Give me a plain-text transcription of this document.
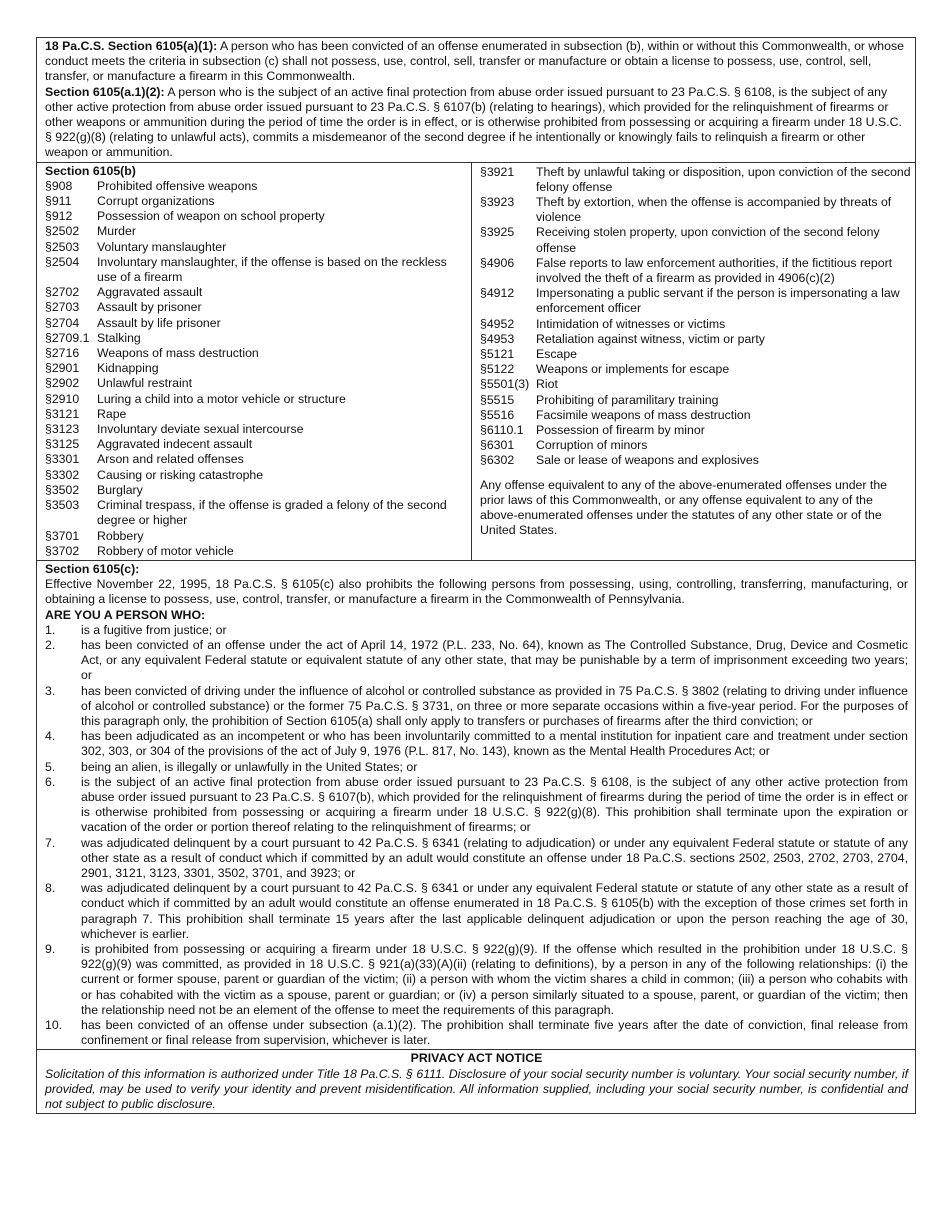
18 Pa.C.S. Section 6105(a)(1): A person who has been convicted of an offense enumerated in subsection (b), within or without this Commonwealth, or whose conduct meets the criteria in subsection (c) shall not possess, use, control, sell, transfer or manufacture or obtain a license to possess, use, control, sell, transfer, or manufacture a firearm in this Commonwealth.
Section 6105(a.1)(2): A person who is the subject of an active final protection from abuse order issued pursuant to 23 Pa.C.S. § 6108, is the subject of any other active protection from abuse order issued pursuant to 23 Pa.C.S. § 6107(b) (relating to hearings), which provided for the relinquishment of firearms or other weapons or ammunition during the period of time the order is in effect, or is otherwise prohibited from possessing or acquiring a firearm under 18 U.S.C. § 922(g)(8) (relating to unlawful acts), commits a misdemeanor of the second degree if he intentionally or knowingly fails to relinquish a firearm or other weapon or ammunition.
Section 6105(b)
§908	Prohibited offensive weapons
§911	Corrupt organizations
§912	Possession of weapon on school property
§2502	Murder
§2503	Voluntary manslaughter
§2504	Involuntary manslaughter, if the offense is based on the reckless use of a firearm
§2702	Aggravated assault
§2703	Assault by prisoner
§2704	Assault by life prisoner
§2709.1 Stalking
§2716	Weapons of mass destruction
§2901	Kidnapping
§2902	Unlawful restraint
§2910	Luring a child into a motor vehicle or structure
§3121	Rape
§3123	Involuntary deviate sexual intercourse
§3125	Aggravated indecent assault
§3301	Arson and related offenses
§3302	Causing or risking catastrophe
§3502	Burglary
§3503	Criminal trespass, if the offense is graded a felony of the second degree or higher
§3701	Robbery
§3702	Robbery of motor vehicle
§3921	Theft by unlawful taking or disposition, upon conviction of the second felony offense
§3923	Theft by extortion, when the offense is accompanied by threats of violence
§3925	Receiving stolen property, upon conviction of the second felony offense
§4906	False reports to law enforcement authorities, if the fictitious report involved the theft of a firearm as provided in 4906(c)(2)
§4912	Impersonating a public servant if the person is impersonating a law enforcement officer
§4952	Intimidation of witnesses or victims
§4953	Retaliation against witness, victim or party
§5121	Escape
§5122	Weapons or implements for escape
§5501(3) Riot
§5515	Prohibiting of paramilitary training
§5516	Facsimile weapons of mass destruction
§6110.1	Possession of firearm by minor
§6301	Corruption of minors
§6302	Sale or lease of weapons and explosives
Any offense equivalent to any of the above-enumerated offenses under the prior laws of this Commonwealth, or any offense equivalent to any of the above-enumerated offenses under the statutes of any other state or of the United States.
Section 6105(c):
Effective November 22, 1995, 18 Pa.C.S. § 6105(c) also prohibits the following persons from possessing, using, controlling, transferring, manufacturing, or obtaining a license to possess, use, control, transfer, or manufacture a firearm in the Commonwealth of Pennsylvania.
ARE YOU A PERSON WHO:
1.	is a fugitive from justice; or
2.	has been convicted of an offense under the act of April 14, 1972 (P.L. 233, No. 64), known as The Controlled Substance, Drug, Device and Cosmetic Act, or any equivalent Federal statute or equivalent statute of any other state, that may be punishable by a term of imprisonment exceeding two years; or
3.	has been convicted of driving under the influence of alcohol or controlled substance as provided in 75 Pa.C.S. § 3802 (relating to driving under influence of alcohol or controlled substance) or the former 75 Pa.C.S. § 3731, on three or more separate occasions within a five-year period. For the purposes of this paragraph only, the prohibition of Section 6105(a) shall only apply to transfers or purchases of firearms after the third conviction; or
4.	has been adjudicated as an incompetent or who has been involuntarily committed to a mental institution for inpatient care and treatment under section 302, 303, or 304 of the provisions of the act of July 9, 1976 (P.L. 817, No. 143), known as the Mental Health Procedures Act; or
5.	being an alien, is illegally or unlawfully in the United States; or
6.	is the subject of an active final protection from abuse order issued pursuant to 23 Pa.C.S. § 6108, is the subject of any other active protection from abuse order issued pursuant to 23 Pa.C.S. § 6107(b), which provided for the relinquishment of firearms during the period of time the order is in effect or is otherwise prohibited from possessing or acquiring a firearm under 18 U.S.C. § 922(g)(8). This prohibition shall terminate upon the expiration or vacation of the order or portion thereof relating to the relinquishment of firearms; or
7.	was adjudicated delinquent by a court pursuant to 42 Pa.C.S. § 6341 (relating to adjudication) or under any equivalent Federal statute or statute of any other state as a result of conduct which if committed by an adult would constitute an offense under 18 Pa.C.S. sections 2502, 2503, 2702, 2703, 2704, 2901, 3121, 3123, 3301, 3502, 3701, and 3923; or
8.	was adjudicated delinquent by a court pursuant to 42 Pa.C.S. § 6341 or under any equivalent Federal statute or statute of any other state as a result of conduct which if committed by an adult would constitute an offense enumerated in 18 Pa.C.S. § 6105(b) with the exception of those crimes set forth in paragraph 7. This prohibition shall terminate 15 years after the last applicable delinquent adjudication or upon the person reaching the age of 30, whichever is earlier.
9.	is prohibited from possessing or acquiring a firearm under 18 U.S.C. § 922(g)(9). If the offense which resulted in the prohibition under 18 U.S.C. § 922(g)(9) was committed, as provided in 18 U.S.C. § 921(a)(33)(A)(ii) (relating to definitions), by a person in any of the following relationships: (i) the current or former spouse, parent or guardian of the victim; (ii) a person with whom the victim shares a child in common; (iii) a person who cohabits with or has cohabited with the victim as a spouse, parent or guardian; or (iv) a person similarly situated to a spouse, parent, or guardian of the victim; then the relationship need not be an element of the offense to meet the requirements of this paragraph.
10.	has been convicted of an offense under subsection (a.1)(2). The prohibition shall terminate five years after the date of conviction, final release from confinement or final release from supervision, whichever is later.
PRIVACY ACT NOTICE
Solicitation of this information is authorized under Title 18 Pa.C.S. § 6111. Disclosure of your social security number is voluntary. Your social security number, if provided, may be used to verify your identity and prevent misidentification. All information supplied, including your social security number, is confidential and not subject to public disclosure.
